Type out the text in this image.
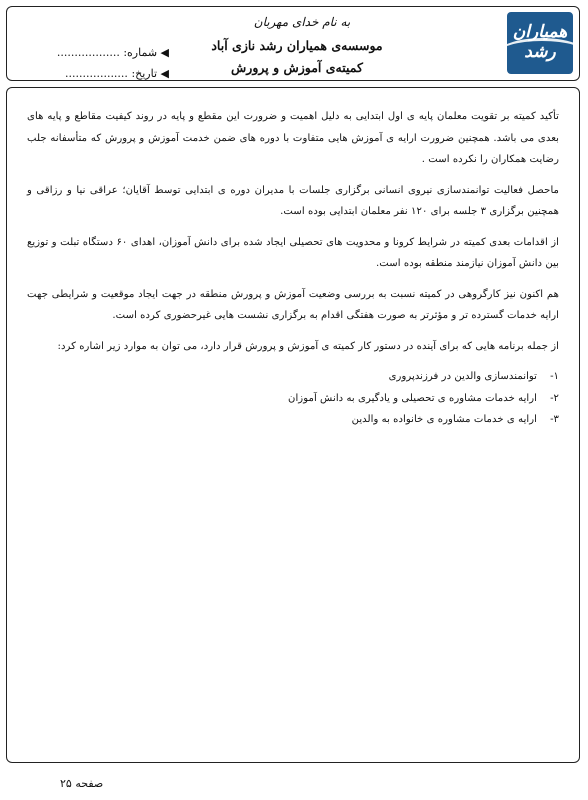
همیاران رشد
به نام خدای مهربان
موسسه‌ی همیاران رشد نازی آباد
کمیته‌ی آموزش و پرورش
◀ شماره: ..................
◀ تاریخ: ..................

تأکید کمیته بر تقویت معلمان پایه ی اول ابتدایی به دلیل اهمیت و ضرورت این مقطع و پایه در روند کیفیت مقاطع و پایه های بعدی می باشد. همچنین ضرورت ارایه ی آموزش هایی متفاوت با دوره های ضمن خدمت آموزش و پرورش که متأسفانه جلب رضایت همکاران را نکرده است .

ماحصل فعالیت توانمندسازی نیروی انسانی برگزاری جلسات با مدیران دوره ی ابتدایی توسط آقایان؛ عراقی نیا و رزاقی و همچنین برگزاری ۳ جلسه برای ۱۲۰ نفر معلمان ابتدایی بوده است.

از اقدامات بعدی کمیته در شرایط کرونا و محدویت های تحصیلی ایجاد شده برای دانش آموزان، اهدای ۶۰ دستگاه تبلت و توزیع بین دانش آموزان نیازمند منطقه بوده است.

هم اکنون نیز کارگروهی در کمیته نسبت به بررسی وضعیت آموزش و پرورش منطقه در جهت ایجاد موقعیت و شرایطی جهت ارایه خدمات گسترده تر و مؤثرتر به صورت هفتگی اقدام به برگزاری نشست هایی غیرحضوری کرده است.

از جمله برنامه هایی که برای آینده در دستور کار کمیته ی آموزش و پرورش قرار دارد، می توان به موارد زیر اشاره کرد:

۱-
توانمندسازی والدین در فرزندپروری
۲-
ارایه خدمات مشاوره ی تحصیلی و یادگیری به دانش آموزان
۳-
ارایه ی خدمات مشاوره ی خانواده به والدین
صفحه ۲۵
